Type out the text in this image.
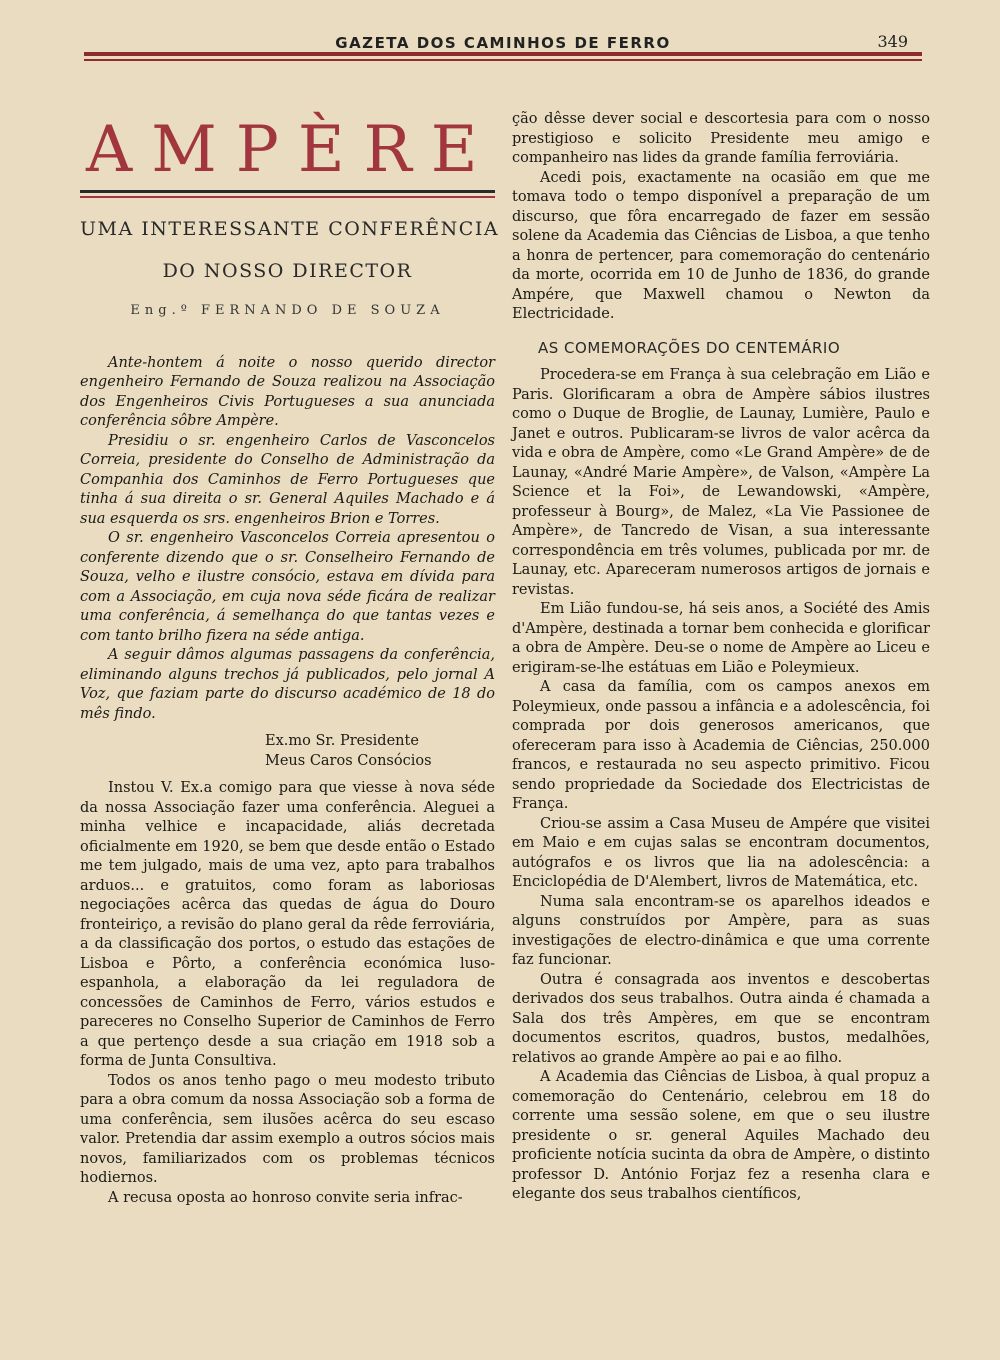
GAZETA DOS CAMINHOS DE FERRO	349
AMPÈRE
UMA INTERESSANTE CONFERÊNCIA
DO NOSSO DIRECTOR
Eng.º FERNANDO DE SOUZA

Ante-hontem á noite o nosso querido director engenheiro Fernando de Souza realizou na Associação dos Engenheiros Civis Portugueses a sua anunciada conferência sôbre Ampère.

Presidiu o sr. engenheiro Carlos de Vasconcelos Correia, presidente do Conselho de Administração da Companhia dos Caminhos de Ferro Portugueses que tinha á sua direita o sr. General Aquiles Machado e á sua esquerda os srs. engenheiros Brion e Torres.

O sr. engenheiro Vasconcelos Correia apresentou o conferente dizendo que o sr. Conselheiro Fernando de Souza, velho e ilustre consócio, estava em dívida para com a Associação, em cuja nova séde ficára de realizar uma conferência, á semelhança do que tantas vezes e com tanto brilho fizera na séde antiga.

A seguir dâmos algumas passagens da conferência, eliminando alguns trechos já publicados, pelo jornal A Voz, que faziam parte do discurso académico de 18 do mês findo.

Ex.mo Sr. Presidente
Meus Caros Consócios

Instou V. Ex.a comigo para que viesse à nova séde da nossa Associação fazer uma conferência. Aleguei a minha velhice e incapacidade, aliás decretada oficialmente em 1920, se bem que desde então o Estado me tem julgado, mais de uma vez, apto para trabalhos arduos... e gratuitos, como foram as laboriosas negociações acêrca das quedas de água do Douro fronteiriço, a revisão do plano geral da rêde ferroviária, a da classificação dos portos, o estudo das estações de Lisboa e Pôrto, a conferência económica luso-espanhola, a elaboração da lei reguladora de concessões de Caminhos de Ferro, vários estudos e pareceres no Conselho Superior de Caminhos de Ferro a que pertenço desde a sua criação em 1918 sob a forma de Junta Consultiva.

Todos os anos tenho pago o meu modesto tributo para a obra comum da nossa Associação sob a forma de uma conferência, sem ilusões acêrca do seu escaso valor. Pretendia dar assim exemplo a outros sócios mais novos, familiarizados com os problemas técnicos hodiernos.

A recusa oposta ao honroso convite seria infrac-

ção dêsse dever social e descortesia para com o nosso prestigioso e solicito Presidente meu amigo e companheiro nas lides da grande família ferroviária.

Acedi pois, exactamente na ocasião em que me tomava todo o tempo disponível a preparação de um discurso, que fôra encarregado de fazer em sessão solene da Academia das Ciências de Lisboa, a que tenho a honra de pertencer, para comemoração do centenário da morte, ocorrida em 10 de Junho de 1836, do grande Ampére, que Maxwell chamou o Newton da Electricidade.

AS COMEMORAÇÕES DO CENTEMÁRIO

Procedera-se em França à sua celebração em Lião e Paris. Glorificaram a obra de Ampère sábios ilustres como o Duque de Broglie, de Launay, Lumière, Paulo e Janet e outros. Publicaram-se livros de valor acêrca da vida e obra de Ampère, como «Le Grand Ampère» de de Launay, «André Marie Ampère», de Valson, «Ampère La Science et la Foi», de Lewandowski, «Ampère, professeur à Bourg», de Malez, «La Vie Passionee de Ampère», de Tancredo de Visan, a sua interessante correspondência em três volumes, publicada por mr. de Launay, etc. Apareceram numerosos artigos de jornais e revistas.

Em Lião fundou-se, há seis anos, a Société des Amis d'Ampère, destinada a tornar bem conhecida e glorificar a obra de Ampère. Deu-se o nome de Ampère ao Liceu e erigiram-se-lhe estátuas em Lião e Poleymieux.

A casa da família, com os campos anexos em Poleymieux, onde passou a infância e a adolescência, foi comprada por dois generosos americanos, que ofereceram para isso à Academia de Ciências, 250.000 francos, e restaurada no seu aspecto primitivo. Ficou sendo propriedade da Sociedade dos Electricistas de França.

Criou-se assim a Casa Museu de Ampére que visitei em Maio e em cujas salas se encontram documentos, autógrafos e os livros que lia na adolescência: a Enciclopédia de D'Alembert, livros de Matemática, etc.

Numa sala encontram-se os aparelhos ideados e alguns construídos por Ampère, para as suas investigações de electro-dinâmica e que uma corrente faz funcionar.

Outra é consagrada aos inventos e descobertas derivados dos seus trabalhos. Outra ainda é chamada a Sala dos três Ampères, em que se encontram documentos escritos, quadros, bustos, medalhões, relativos ao grande Ampère ao pai e ao filho.

A Academia das Ciências de Lisboa, à qual propuz a comemoração do Centenário, celebrou em 18 do corrente uma sessão solene, em que o seu ilustre presidente o sr. general Aquiles Machado deu proficiente notícia sucinta da obra de Ampère, o distinto professor D. António Forjaz fez a resenha clara e elegante dos seus trabalhos científicos,
